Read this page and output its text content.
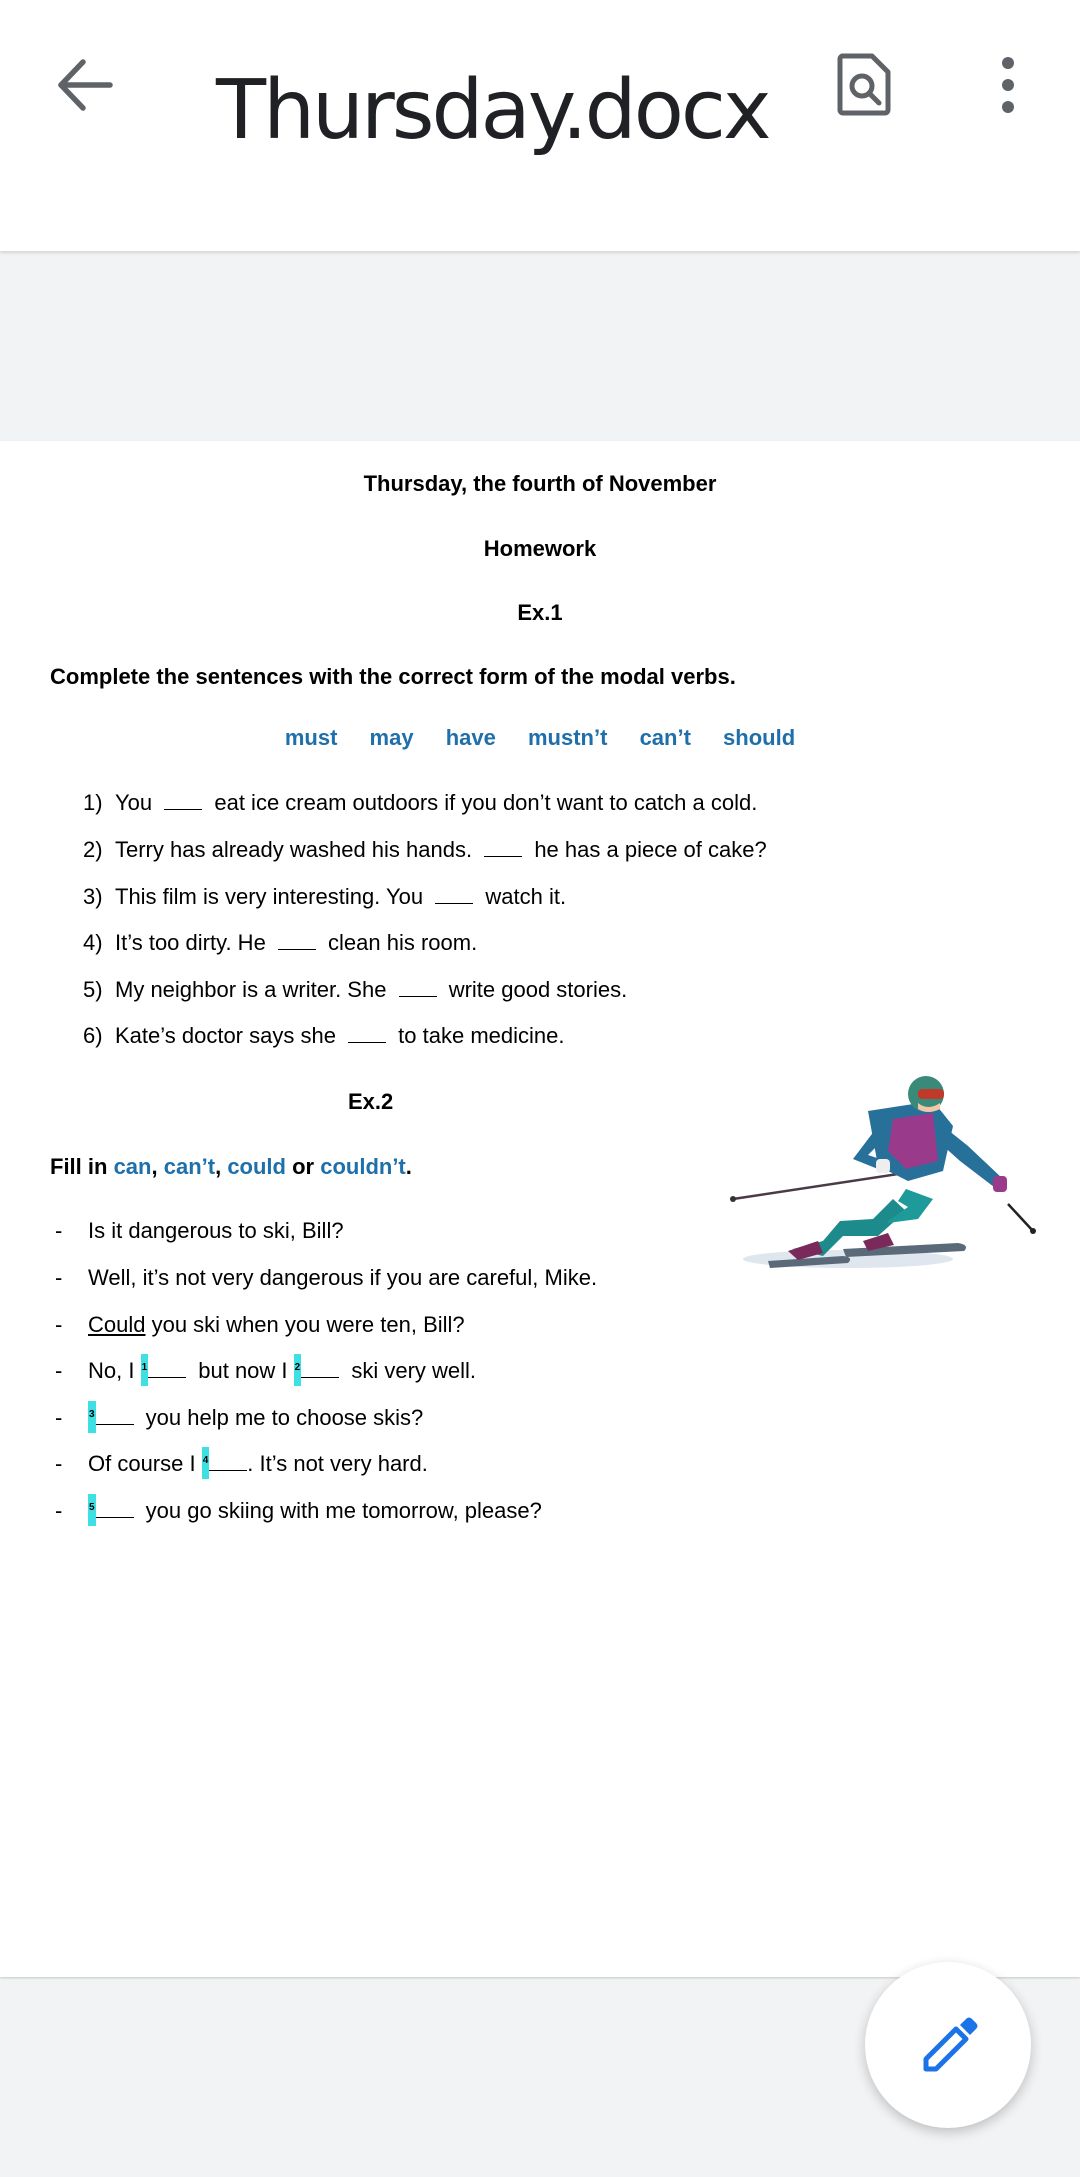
Thursday.docx
Thursday, the fourth of November
Homework
Ex.1
Complete the sentences with the correct form of the modal verbs.
must may have mustn’t can’t should
1) You  eat ice cream outdoors if you don’t want to catch a cold.
2) Terry has already washed his hands.  he has a piece of cake?
3) This film is very interesting. You  watch it.
4) It’s too dirty. He  clean his room.
5) My neighbor is a writer. She  write good stories.
6) Kate’s doctor says she  to take medicine.
Ex.2
Fill in can, can’t, could or couldn’t.
- Is it dangerous to ski, Bill?
- Well, it’s not very dangerous if you are careful, Mike.
- Could you ski when you were ten, Bill?
- No, I 1 but now I 2 ski very well.
-	3 you help me to choose skis?
- Of course I 4 . It’s not very hard.
-	5 you go skiing with me tomorrow, please?
